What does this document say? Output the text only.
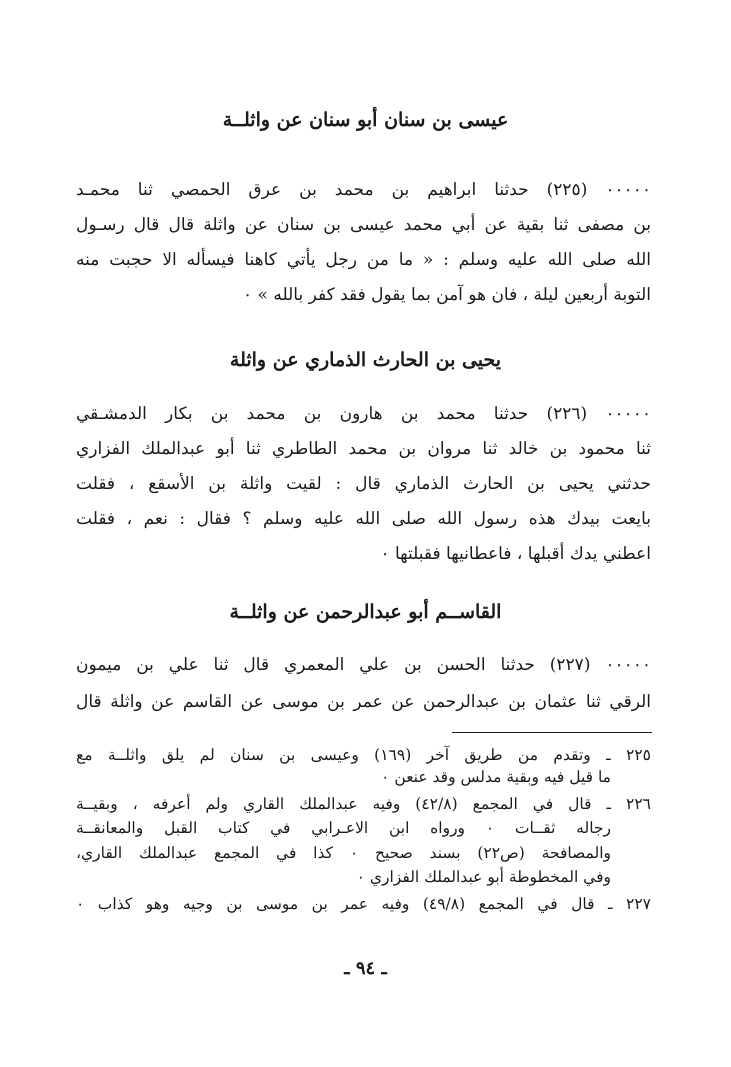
عيسى بن سنان أبو سنان عن واثلــة
٠٠٠٠٠ (٢٢٥) حدثنا ابراهيم بن محمد بن عرق الحمصي ثنا محمـد
بن مصفى ثنا بقية عن أبي محمد عيسى بن سنان عن واثلة قال قال رسـول
الله صلى الله عليه وسلم : « ما من رجل يأتي كاهنا فيسأله الا حجبت منه
التوبة أربعين ليلة ، فان هو آمن بما يقول فقد كفر بالله » ٠
يحيى بن الحارث الذماري عن واثلة
٠٠٠٠٠ (٢٢٦) حدثنا محمد بن هارون بن محمد بن بكار الدمشـقي
ثنا محمود بن خالد ثنا مروان بن محمد الطاطري ثنا أبو عبدالملك الفزاري
حدثني يحيى بن الحارث الذماري قال : لقيت واثلة بن الأسقع ، فقلت
بايعت بيدك هذه رسول الله صلى الله عليه وسلم ؟ فقال : نعم ، فقلت
اعطني يدك أقبلها ، فاعطانيها فقبلتها ٠
القاســم أبو عبدالرحمن عن واثلــة
٠٠٠٠٠ (٢٢٧) حدثنا الحسن بن علي المعمري قال ثنا علي بن ميمون
الرقي ثنا عثمان بن عبدالرحمن عن عمر بن موسى عن القاسم عن واثلة قال
٢٢٥ ـ وتقدم من طريق آخر (١٦٩) وعيسى بن سنان لم يلق واثلــة مع
ما قيل فيه وبقية مدلس وقد عنعن ٠
٢٢٦ ـ قال في المجمع (٤٢/٨) وفيه عبدالملك القاري ولم أعرفه ، وبقيــة
رجاله ثقــات ٠ ورواه ابن الاعـرابي في كتاب القبل والمعانقــة
والمصافحة (ص٢٢) بسند صحيح ٠ كذا في المجمع عبدالملك القاري،
وفي المخطوطة أبو عبدالملك الفزاري ٠
٢٢٧ ـ قال في المجمع (٤٩/٨) وفيه عمر بن موسى بن وجيه وهو كذاب ٠
ـ ٩٤ ـ
